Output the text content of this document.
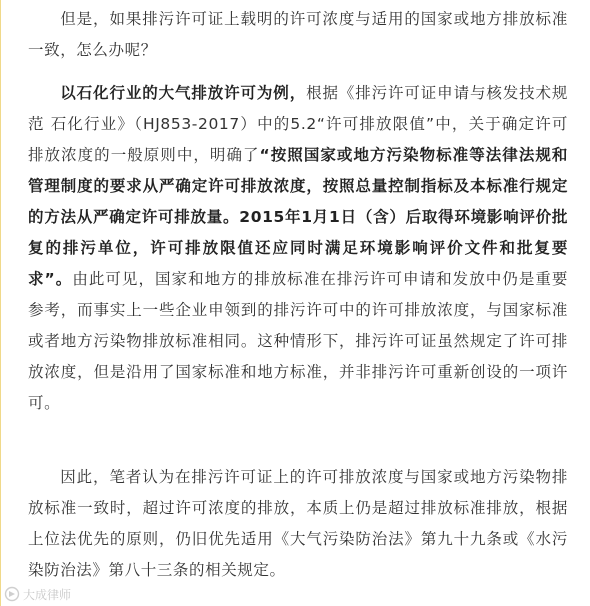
但是，如果排污许可证上载明的许可浓度与适用的国家或地方排放标准一致，怎么办呢？

以石化行业的大气排放许可为例，根据《排污许可证申请与核发技术规范 石化行业》（HJ853-2017）中的5.2“许可排放限值”中，关于确定许可排放浓度的一般原则中，明确了“按照国家或地方污染物标准等法律法规和管理制度的要求从严确定许可排放浓度，按照总量控制指标及本标准行规定的方法从严确定许可排放量。2015年1月1日（含）后取得环境影响评价批复的排污单位，许可排放限值还应同时满足环境影响评价文件和批复要求”。由此可见，国家和地方的排放标准在排污许可申请和发放中仍是重要参考，而事实上一些企业申领到的排污许可中的许可排放浓度，与国家标准或者地方污染物排放标准相同。这种情形下，排污许可证虽然规定了许可排放浓度，但是沿用了国家标准和地方标准，并非排污许可重新创设的一项许可。

因此，笔者认为在排污许可证上的许可排放浓度与国家或地方污染物排放标准一致时，超过许可浓度的排放，本质上仍是超过排放标准排放，根据上位法优先的原则，仍旧优先适用《大气污染防治法》第九十九条或《水污染防治法》第八十三条的相关规定。

大成律师
